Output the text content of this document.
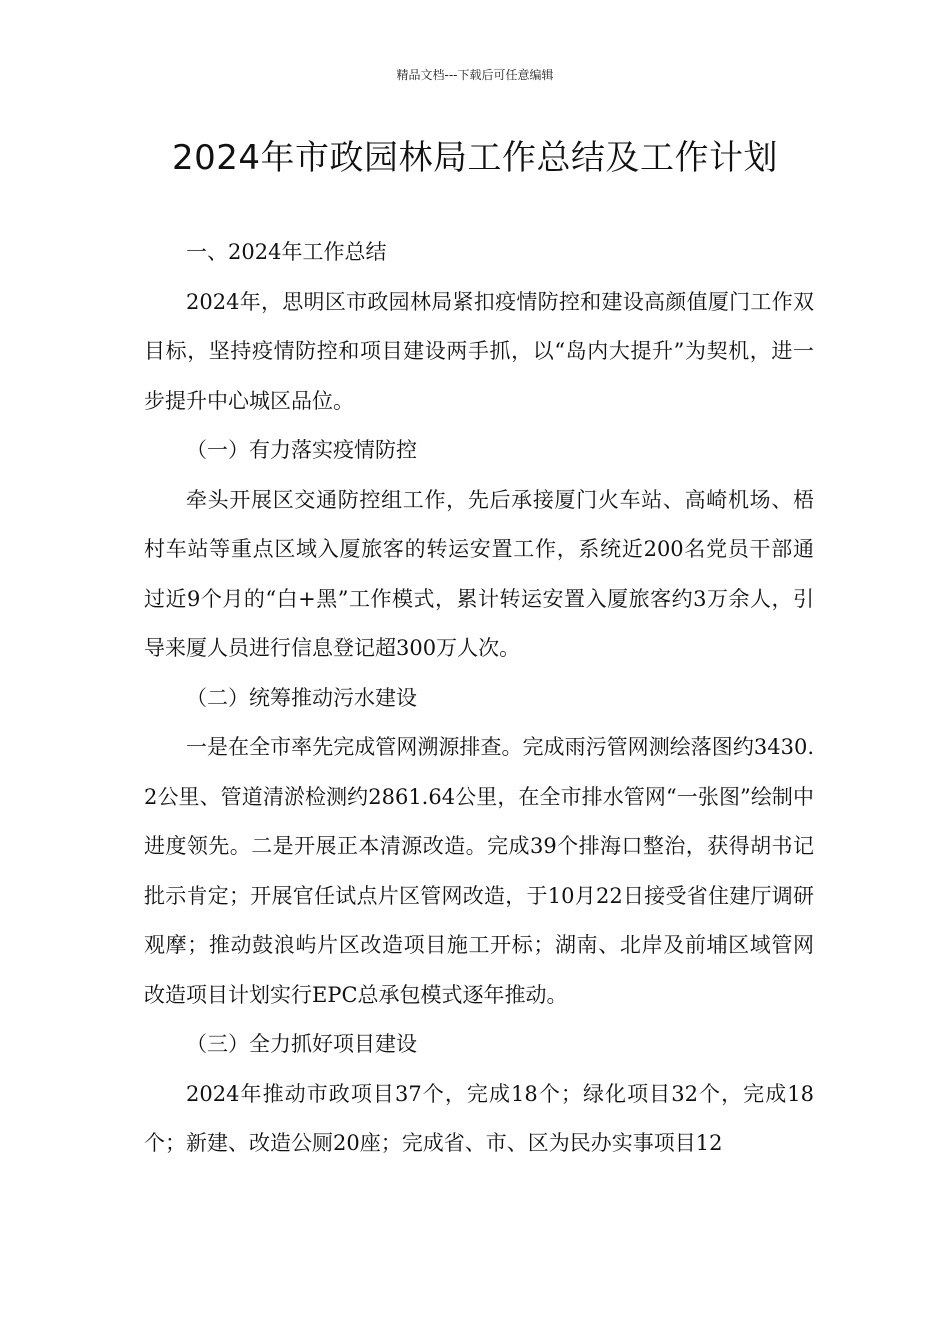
精品文档---下载后可任意编辑
2024年市政园林局工作总结及工作计划

一、2024年工作总结

2024年，思明区市政园林局紧扣疫情防控和建设高颜值厦门工作双目标，坚持疫情防控和项目建设两手抓，以“岛内大提升”为契机，进一步提升中心城区品位。

（一）有力落实疫情防控

牵头开展区交通防控组工作，先后承接厦门火车站、高崎机场、梧村车站等重点区域入厦旅客的转运安置工作，系统近200名党员干部通过近9个月的“白+黑”工作模式，累计转运安置入厦旅客约3万余人，引导来厦人员进行信息登记超300万人次。

（二）统筹推动污水建设

一是在全市率先完成管网溯源排查。完成雨污管网测绘落图约3430.2公里、管道清淤检测约2861.64公里，在全市排水管网“一张图”绘制中进度领先。二是开展正本清源改造。完成39个排海口整治，获得胡书记批示肯定；开展官任试点片区管网改造，于10月22日接受省住建厅调研观摩；推动鼓浪屿片区改造项目施工开标；湖南、北岸及前埔区域管网改造项目计划实行EPC总承包模式逐年推动。

（三）全力抓好项目建设

2024年推动市政项目37个，完成18个；绿化项目32个，完成18个；新建、改造公厕20座；完成省、市、区为民办实事项目12
